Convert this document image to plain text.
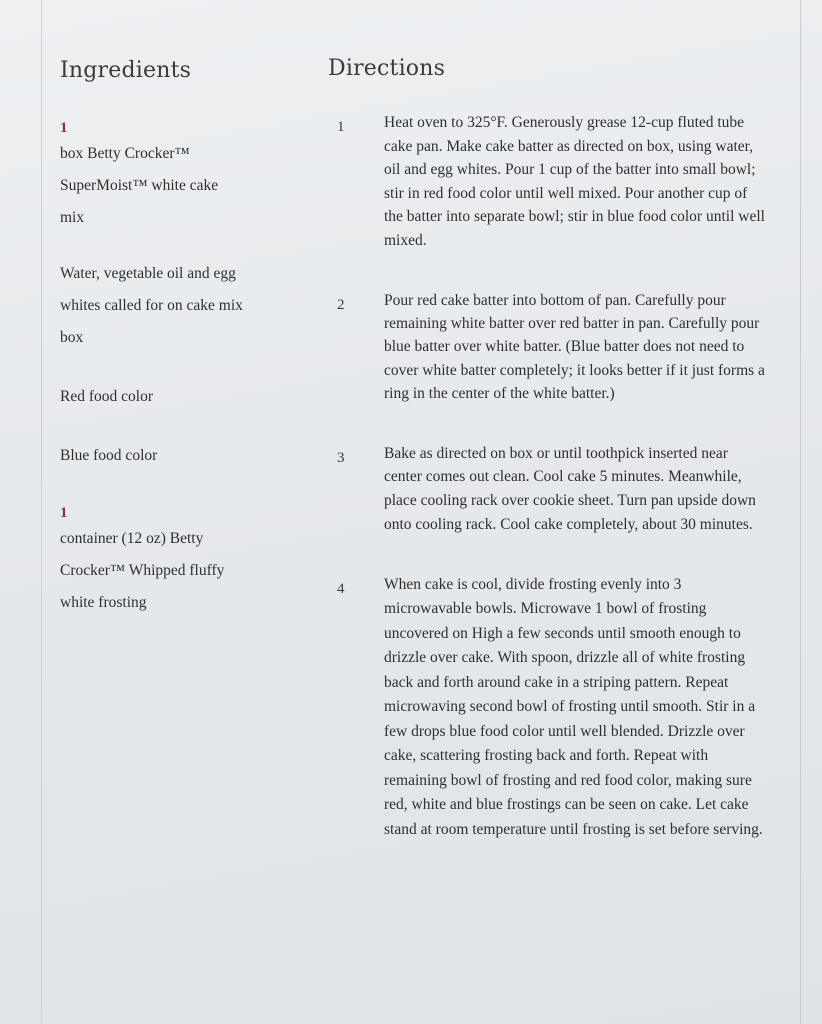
Ingredients
1
box Betty Crocker™ SuperMoist™ white cake mix
Water, vegetable oil and egg whites called for on cake mix box
Red food color
Blue food color
1
container (12 oz) Betty Crocker™ Whipped fluffy white frosting
Directions
1	Heat oven to 325°F. Generously grease 12-cup fluted tube cake pan. Make cake batter as directed on box, using water, oil and egg whites. Pour 1 cup of the batter into small bowl; stir in red food color until well mixed. Pour another cup of the batter into separate bowl; stir in blue food color until well mixed.
2	Pour red cake batter into bottom of pan. Carefully pour remaining white batter over red batter in pan. Carefully pour blue batter over white batter. (Blue batter does not need to cover white batter completely; it looks better if it just forms a ring in the center of the white batter.)
3	Bake as directed on box or until toothpick inserted near center comes out clean. Cool cake 5 minutes. Meanwhile, place cooling rack over cookie sheet. Turn pan upside down onto cooling rack. Cool cake completely, about 30 minutes.
4	When cake is cool, divide frosting evenly into 3 microwavable bowls. Microwave 1 bowl of frosting uncovered on High a few seconds until smooth enough to drizzle over cake. With spoon, drizzle all of white frosting back and forth around cake in a striping pattern. Repeat microwaving second bowl of frosting until smooth. Stir in a few drops blue food color until well blended. Drizzle over cake, scattering frosting back and forth. Repeat with remaining bowl of frosting and red food color, making sure red, white and blue frostings can be seen on cake. Let cake stand at room temperature until frosting is set before serving.
